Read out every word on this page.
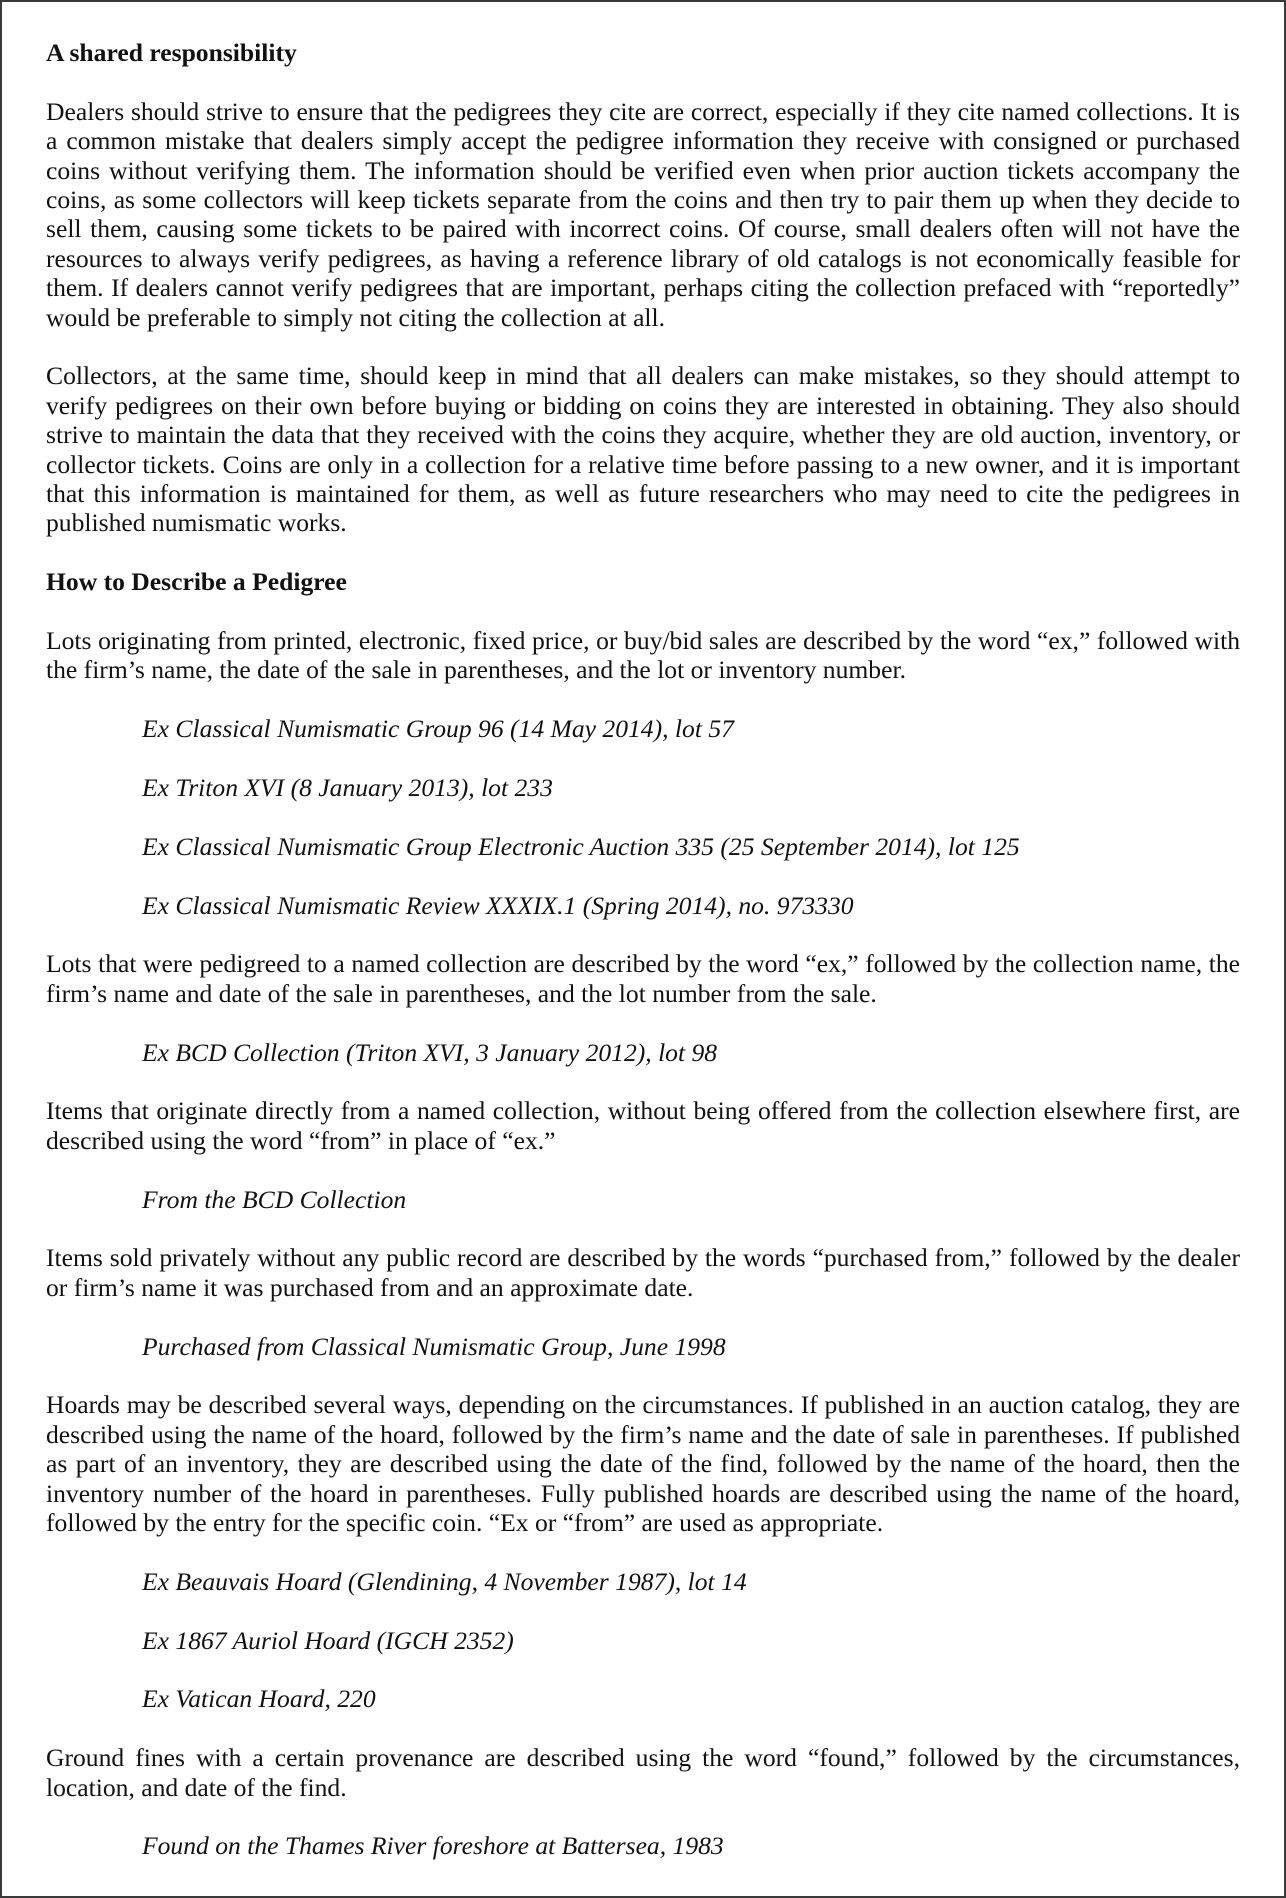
A shared responsibility

Dealers should strive to ensure that the pedigrees they cite are correct, especially if they cite named collections. It is a common mistake that dealers simply accept the pedigree information they receive with consigned or purchased coins without verifying them. The information should be verified even when prior auction tickets accompany the coins, as some collectors will keep tickets separate from the coins and then try to pair them up when they decide to sell them, causing some tickets to be paired with incorrect coins. Of course, small dealers often will not have the resources to always verify pedigrees, as having a reference library of old catalogs is not economically feasible for them. If dealers cannot verify pedigrees that are important, perhaps citing the collection prefaced with “reportedly” would be preferable to simply not citing the collection at all.

Collectors, at the same time, should keep in mind that all dealers can make mistakes, so they should attempt to verify pedigrees on their own before buying or bidding on coins they are interested in obtaining. They also should strive to maintain the data that they received with the coins they acquire, whether they are old auction, inventory, or collector tickets. Coins are only in a collection for a relative time before passing to a new owner, and it is important that this information is maintained for them, as well as future researchers who may need to cite the pedigrees in published numismatic works.

How to Describe a Pedigree

Lots originating from printed, electronic, fixed price, or buy/bid sales are described by the word “ex,” followed with the firm’s name, the date of the sale in parentheses, and the lot or inventory number.

Ex Classical Numismatic Group 96 (14 May 2014), lot 57

Ex Triton XVI (8 January 2013), lot 233

Ex Classical Numismatic Group Electronic Auction 335 (25 September 2014), lot 125

Ex Classical Numismatic Review XXXIX.1 (Spring 2014), no. 973330

Lots that were pedigreed to a named collection are described by the word “ex,” followed by the collection name, the firm’s name and date of the sale in parentheses, and the lot number from the sale.

Ex BCD Collection (Triton XVI, 3 January 2012), lot 98

Items that originate directly from a named collection, without being offered from the collection elsewhere first, are described using the word “from” in place of “ex.”

From the BCD Collection

Items sold privately without any public record are described by the words “purchased from,” followed by the dealer or firm’s name it was purchased from and an approximate date.

Purchased from Classical Numismatic Group, June 1998

Hoards may be described several ways, depending on the circumstances. If published in an auction catalog, they are described using the name of the hoard, followed by the firm’s name and the date of sale in parentheses. If published as part of an inventory, they are described using the date of the find, followed by the name of the hoard, then the inventory number of the hoard in parentheses. Fully published hoards are described using the name of the hoard, followed by the entry for the specific coin. “Ex or “from” are used as appropriate.

Ex Beauvais Hoard (Glendining, 4 November 1987), lot 14

Ex 1867 Auriol Hoard (IGCH 2352)

Ex Vatican Hoard, 220

Ground fines with a certain provenance are described using the word “found,” followed by the circumstances, location, and date of the find.

Found on the Thames River foreshore at Battersea, 1983
